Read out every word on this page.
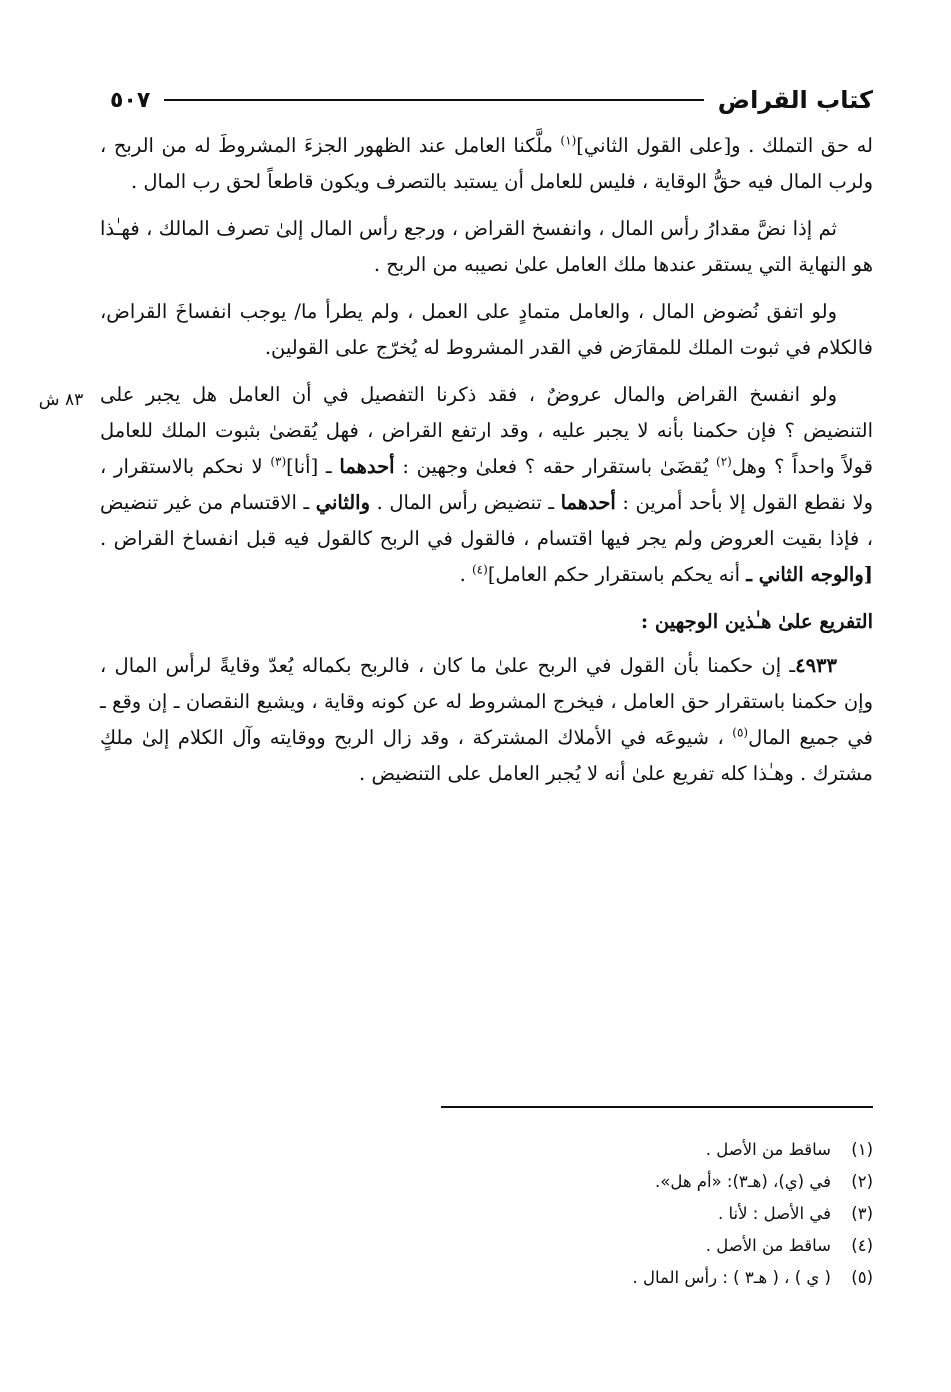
كتاب القراض
٥٠٧
٨٣ ش

له حق التملك . و[على القول الثاني]$^{(١)}$ ملَّكنا العامل عند الظهور الجزءَ المشروطَ له من الربح ، ولرب المال فيه حقُّ الوقاية ، فليس للعامل أن يستبد بالتصرف ويكون قاطعاً لحق رب المال .

ثم إذا نضَّ مقدارُ رأس المال ، وانفسخ القراض ، ورجع رأس المال إلىٰ تصرف المالك ، فهـٰذا هو النهاية التي يستقر عندها ملك العامل علىٰ نصيبه من الربح .

ولو اتفق نُضوض المال ، والعامل متمادٍ على العمل ، ولم يطرأ ما/ يوجب انفساخَ القراض، فالكلام في ثبوت الملك للمقارَض في القدر المشروط له يُخرّج على القولين.

ولو انفسخ القراض والمال عروضٌ ، فقد ذكرنا التفصيل في أن العامل هل يجبر على التنضيض ؟ فإن حكمنا بأنه لا يجبر عليه ، وقد ارتفع القراض ، فهل يُقضىٰ بثبوت الملك للعامل قولاً واحداً ؟ وهل$^{(٢)}$ يُقضَىٰ باستقرار حقه ؟ فعلىٰ وجهين : أحدهما ـ [أنا]$^{(٣)}$ لا نحكم بالاستقرار ، ولا نقطع القول إلا بأحد أمرين : أحدهما ـ تنضيض رأس المال . والثاني ـ الاقتسام من غير تنضيض ، فإذا بقيت العروض ولم يجر فيها اقتسام ، فالقول في الربح كالقول فيه قبل انفساخ القراض . [والوجه الثاني ـ أنه يحكم باستقرار حكم العامل]$^{(٤)}$ .

التفريع علىٰ هـٰذين الوجهين :

٤٩٣٣ـ إن حكمنا بأن القول في الربح علىٰ ما كان ، فالربح بكماله يُعدّ وقايةً لرأس المال ، وإن حكمنا باستقرار حق العامل ، فيخرج المشروط له عن كونه وقاية ، ويشيع النقصان ـ إن وقع ـ في جميع المال$^{(٥)}$ ، شيوعَه في الأملاك المشتركة ، وقد زال الربح ووقايته وآل الكلام إلىٰ ملكٍ مشترك . وهـٰذا كله تفريع علىٰ أنه لا يُجبر العامل على التنضيض .

(١)
ساقط من الأصل .
(٢)
في (ي)، (هـ٣): «أم هل».
(٣)
في الأصل : لأنا .
(٤)
ساقط من الأصل .
(٥)
( ي ) ، ( هـ٣ ) : رأس المال .
